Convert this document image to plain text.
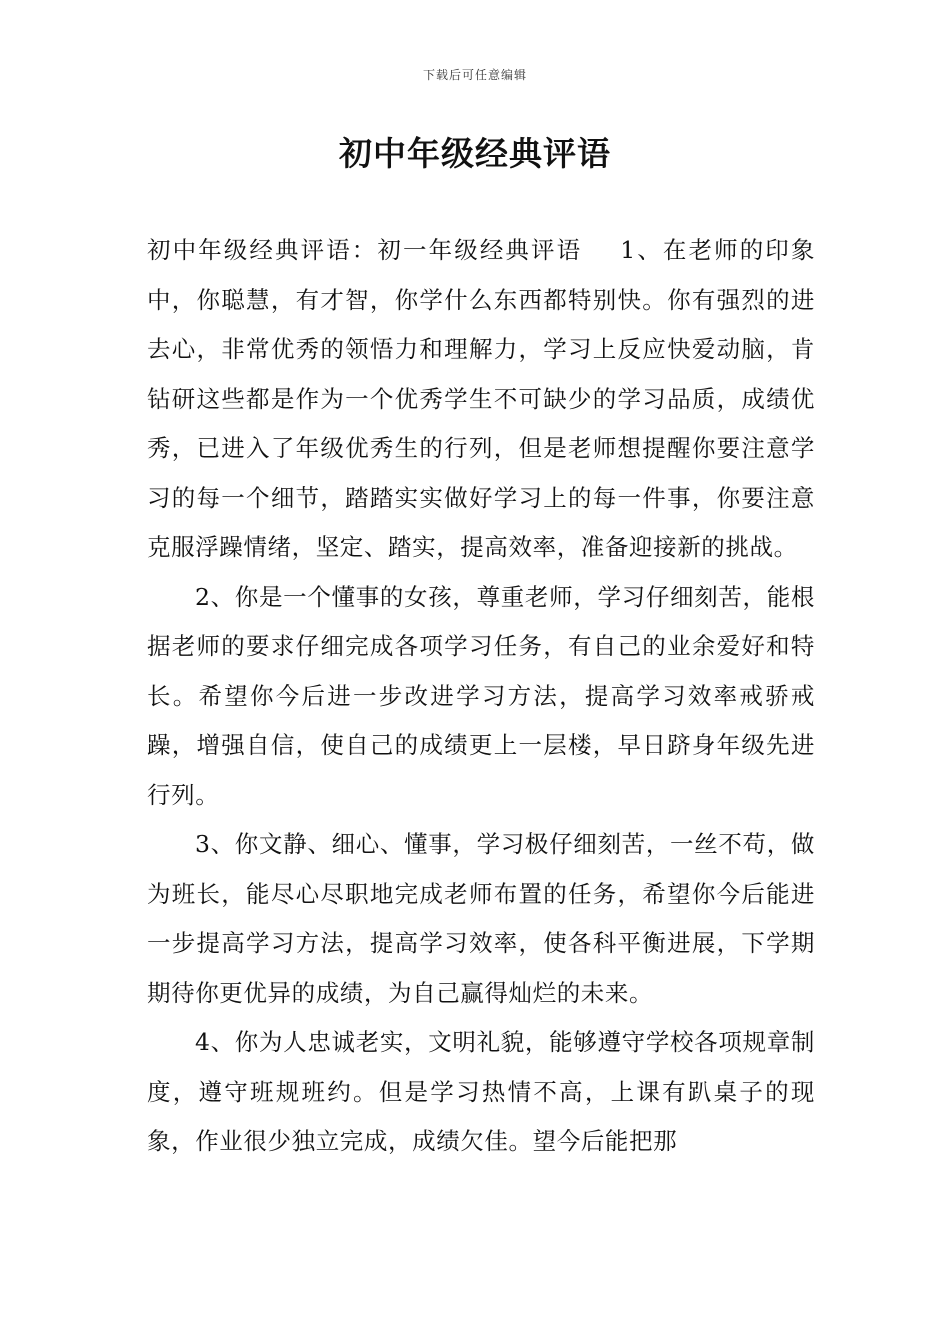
下载后可任意编辑
初中年级经典评语

初中年级经典评语：初一年级经典评语 1、在老师的印象中，你聪慧，有才智，你学什么东西都特别快。你有强烈的进去心，非常优秀的领悟力和理解力，学习上反应快爱动脑，肯钻研这些都是作为一个优秀学生不可缺少的学习品质，成绩优秀，已进入了年级优秀生的行列，但是老师想提醒你要注意学习的每一个细节，踏踏实实做好学习上的每一件事，你要注意克服浮躁情绪，坚定、踏实，提高效率，准备迎接新的挑战。

2、你是一个懂事的女孩，尊重老师，学习仔细刻苦，能根据老师的要求仔细完成各项学习任务，有自己的业余爱好和特长。希望你今后进一步改进学习方法，提高学习效率戒骄戒躁，增强自信，使自己的成绩更上一层楼，早日跻身年级先进行列。

3、你文静、细心、懂事，学习极仔细刻苦，一丝不苟，做为班长，能尽心尽职地完成老师布置的任务，希望你今后能进一步提高学习方法，提高学习效率，使各科平衡进展，下学期期待你更优异的成绩，为自己赢得灿烂的未来。

4、你为人忠诚老实，文明礼貌，能够遵守学校各项规章制度，遵守班规班约。但是学习热情不高，上课有趴桌子的现象，作业很少独立完成，成绩欠佳。望今后能把那
